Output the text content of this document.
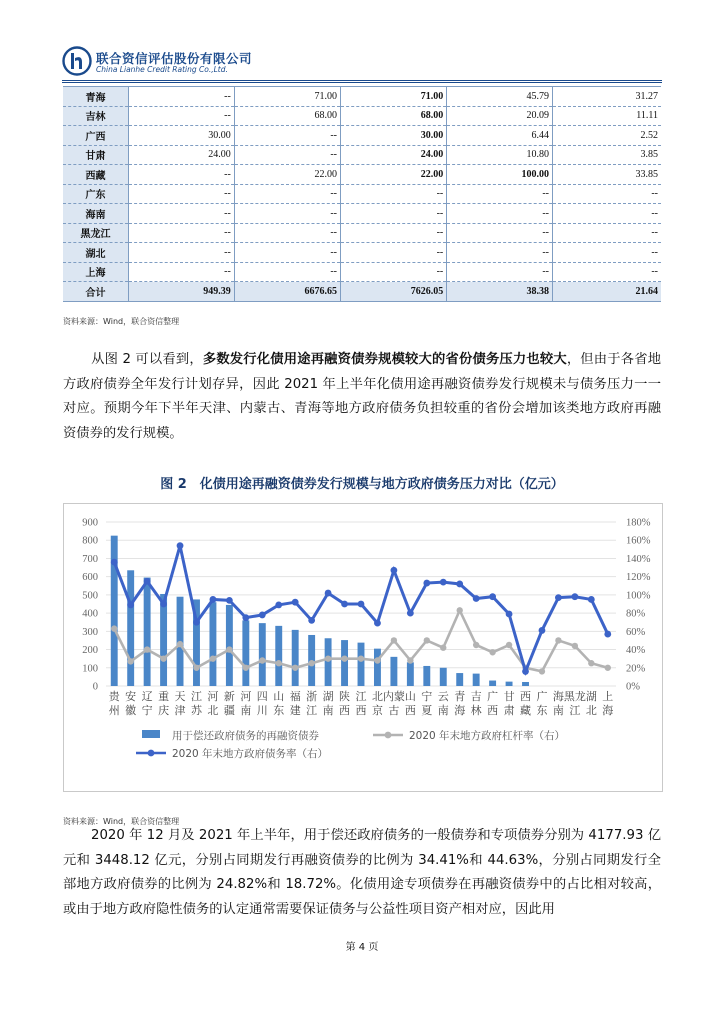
联合资信评估股份有限公司
China Lianhe Credit Rating Co.,Ltd.
青海	--	71.00	71.00	45.79	31.27
吉林	--	68.00	68.00	20.09	11.11
广西	30.00	--	30.00	6.44	2.52
甘肃	24.00	--	24.00	10.80	3.85
西藏	--	22.00	22.00	100.00	33.85
广东	--	--	--	--	--
海南	--	--	--	--	--
黑龙江	--	--	--	--	--
湖北	--	--	--	--	--
上海	--	--	--	--	--
合计	949.39	6676.65	7626.05	38.38	21.64
资料来源：Wind，联合资信整理
从图 2 可以看到，多数发行化债用途再融资债券规模较大的省份债务压力也较大，但由于各省地方政府债券全年发行计划存异，因此 2021 年上半年化债用途再融资债券发行规模未与债务压力一一对应。预期今年下半年天津、内蒙古、青海等地方政府债务负担较重的省份会增加该类地方政府再融资债券的发行规模。
图 2　化债用途再融资债券发行规模与地方政府债务压力对比（亿元）
0
100
200
300
400
500
600
700
800
900
0%
20%
40%
60%
80%
100%
120%
140%
160%
180%
贵
州
安
徽
辽
宁
重
庆
天
津
江
苏
河
北
新
疆
河
南
四
川
山
东
福
建
浙
江
湖
南
陕
西
江
西
北
京
内蒙
古
山
西
宁
夏
云
南
青
海
吉
林
广
西
甘
肃
西
藏
广
东
海
南
黑龙
江
湖
北
上
海
用于偿还政府债务的再融资债券	2020 年末地方政府杠杆率（右）
2020 年末地方政府债务率（右）
资料来源：Wind，联合资信整理
2020 年 12 月及 2021 年上半年，用于偿还政府债务的一般债券和专项债券分别为 4177.93 亿元和 3448.12 亿元，分别占同期发行再融资债券的比例为 34.41%和 44.63%，分别占同期发行全部地方政府债券的比例为 24.82%和 18.72%。化债用途专项债券在再融资债券中的占比相对较高，或由于地方政府隐性债务的认定通常需要保证债务与公益性项目资产相对应，因此用
第 4 页
